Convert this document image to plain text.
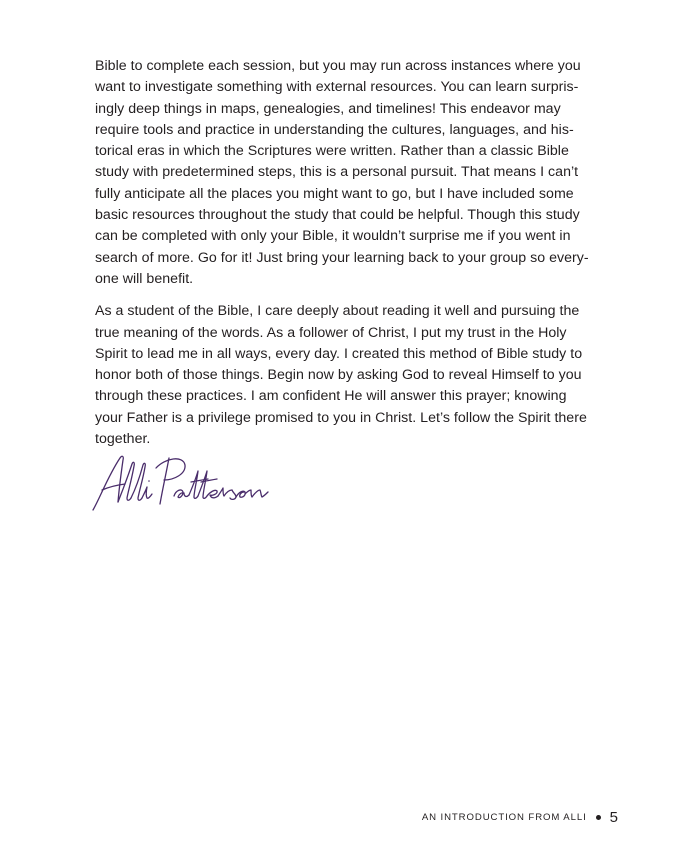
Bible to complete each session, but you may run across instances where you
want to investigate something with external resources. You can learn surpris-
ingly deep things in maps, genealogies, and timelines! This endeavor may
require tools and practice in understanding the cultures, languages, and his-
torical eras in which the Scriptures were written. Rather than a classic Bible
study with predetermined steps, this is a personal pursuit. That means I can’t
fully anticipate all the places you might want to go, but I have included some
basic resources throughout the study that could be helpful. Though this study
can be completed with only your Bible, it wouldn’t surprise me if you went in
search of more. Go for it! Just bring your learning back to your group so every-
one will benefit.
As a student of the Bible, I care deeply about reading it well and pursuing the
true meaning of the words. As a follower of Christ, I put my trust in the Holy
Spirit to lead me in all ways, every day. I created this method of Bible study to
honor both of those things. Begin now by asking God to reveal Himself to you
through these practices. I am confident He will answer this prayer; knowing
your Father is a privilege promised to you in Christ. Let’s follow the Spirit there
together.
AN INTRODUCTION FROM ALLI 5
